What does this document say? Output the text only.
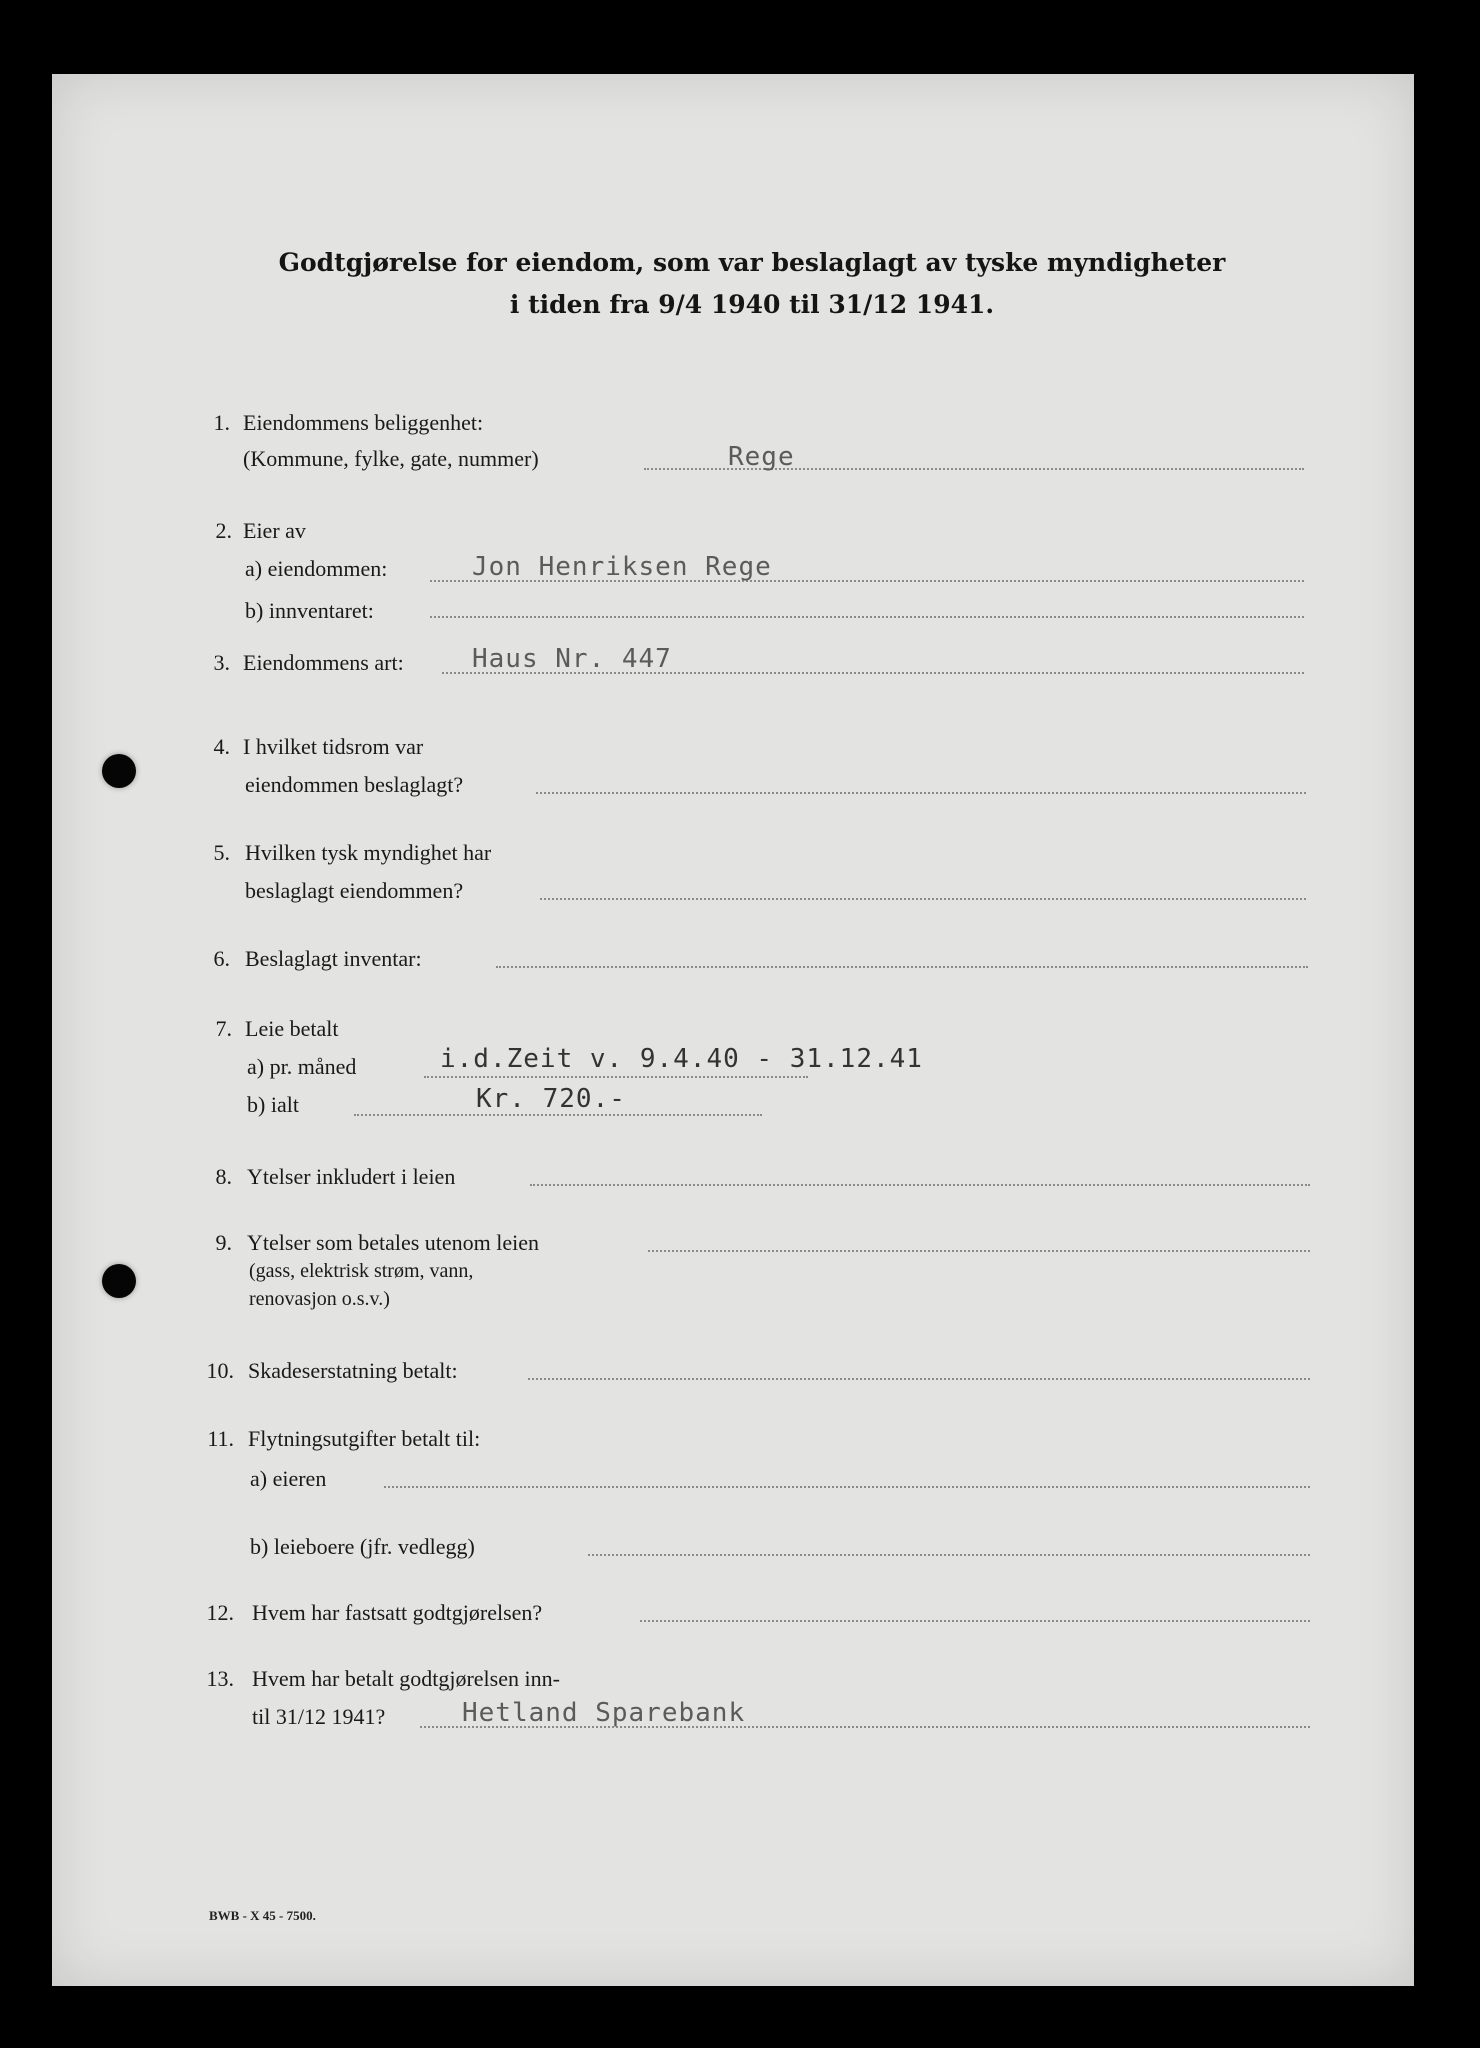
Godtgjørelse for eiendom, som var beslaglagt av tyske myndigheter
i tiden fra 9/4 1940 til 31/12 1941.
1. Eiendommens beliggenhet:
(Kommune, fylke, gate, nummer)	Rege
2. Eier av
a) eiendommen:	Jon Henriksen Rege
b) innventaret:
3. Eiendommens art:	Haus Nr. 447
4. I hvilket tidsrom var
eiendommen beslaglagt?
5. Hvilken tysk myndighet har
beslaglagt eiendommen?
6. Beslaglagt inventar:
7. Leie betalt
a) pr. måned	i.d.Zeit v. 9.4.40 - 31.12.41
b) ialt	Kr. 720.-
8. Ytelser inkludert i leien
9. Ytelser som betales utenom leien
(gass, elektrisk strøm, vann,
renovasjon o.s.v.)
10. Skadeserstatning betalt:
11. Flytningsutgifter betalt til:
a) eieren
b) leieboere (jfr. vedlegg)
12. Hvem har fastsatt godtgjørelsen?
13. Hvem har betalt godtgjørelsen inn-
til 31/12 1941?	Hetland Sparebank
BWB - X 45 - 7500.
